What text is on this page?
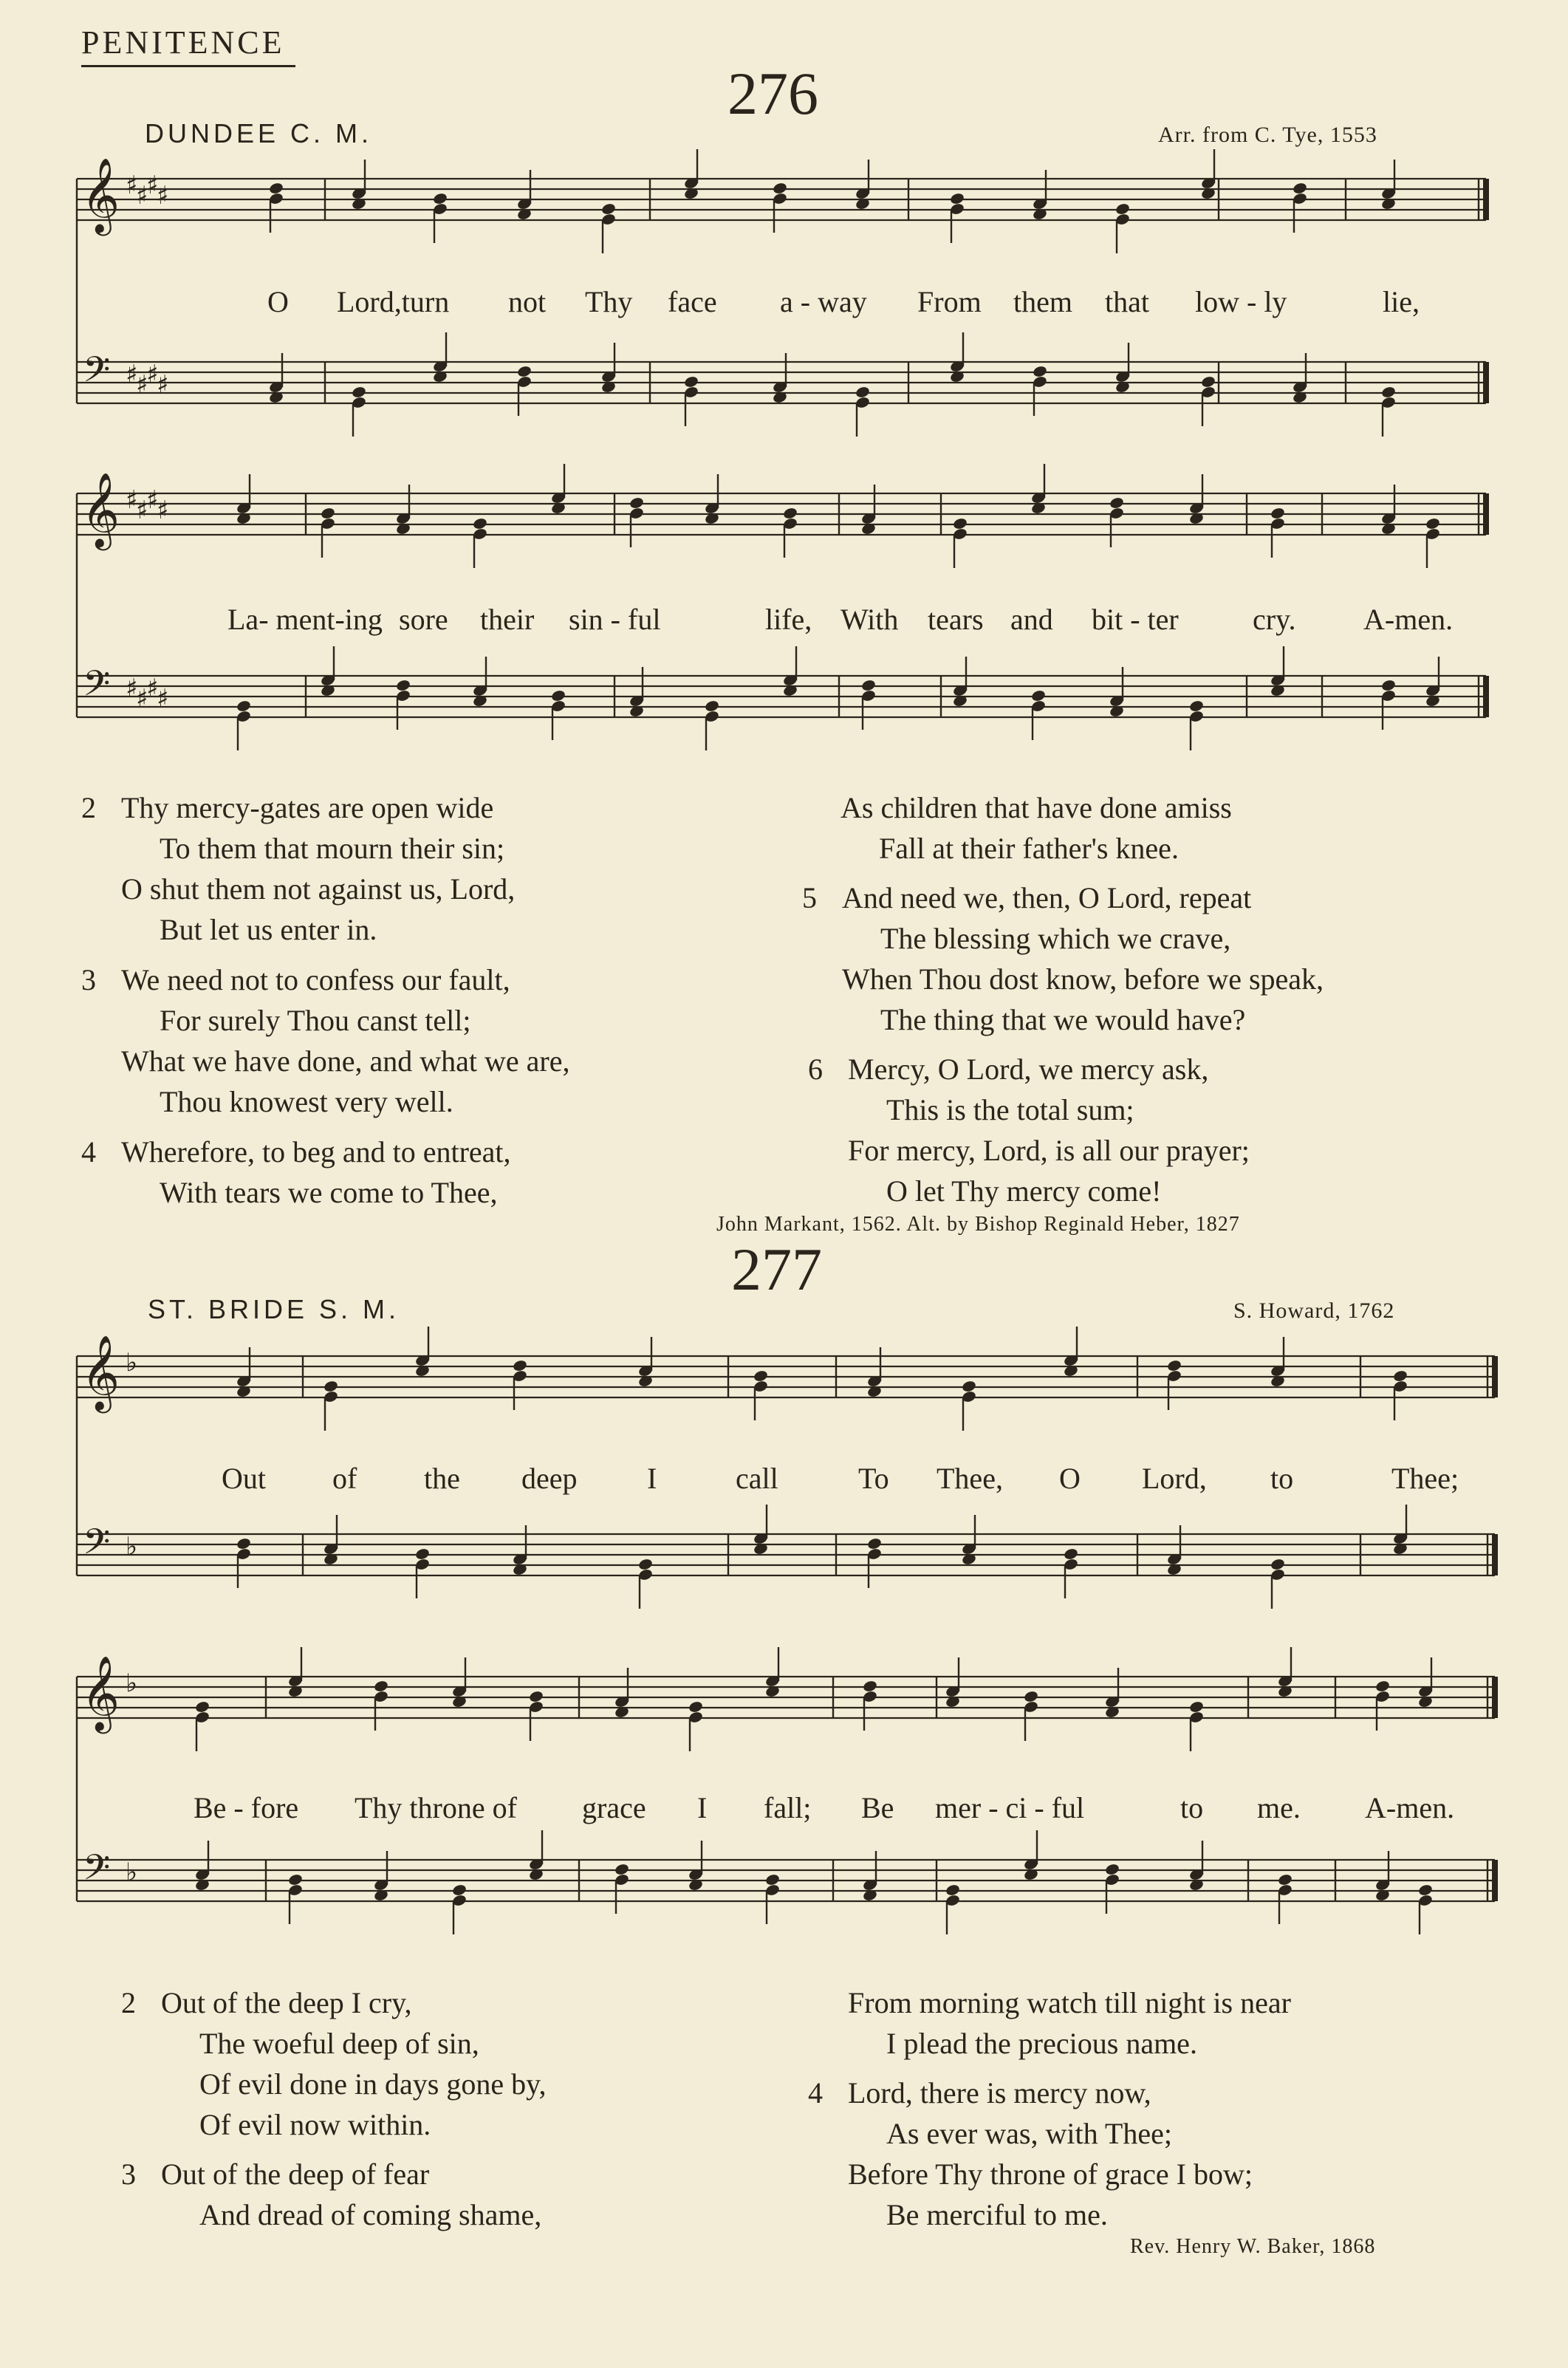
PENITENCE
276
DUNDEE C. M.	Arr. from C. Tye, 1553
𝄞
𝄢
♯
♯
♯
♯
♯
♯
♯
♯
𝄞
𝄢
♯
♯
♯
♯
♯
♯
♯
♯
𝄞
𝄢
♭
♭
𝄞
𝄢
♭
♭
O Lord,turn not Thy face a - way From them that low - ly	lie,
La- ment-ing sore their sin - ful	life, With tears and bit - ter	cry. A-men.
2 Thy mercy-gates are open wide
To them that mourn their sin;
O shut them not against us, Lord,
But let us enter in.
3 We need not to confess our fault,
For surely Thou canst tell;
What we have done, and what we are,
Thou knowest very well.
4 Wherefore, to beg and to entreat,
With tears we come to Thee,
As children that have done amiss
Fall at their father's knee.
5 And need we, then, O Lord, repeat
The blessing which we crave,
When Thou dost know, before we speak,
The thing that we would have?
6 Mercy, O Lord, we mercy ask,
This is the total sum;
For mercy, Lord, is all our prayer;
O let Thy mercy come!
John Markant, 1562. Alt. by Bishop Reginald Heber, 1827
277
ST. BRIDE S. M.	S. Howard, 1762
Out of the deep I	call	To Thee, O Lord, to	Thee;
Be - fore Thy throne of grace I fall; Be mer - ci - ful	to me. A-men.
2 Out of the deep I cry,
The woeful deep of sin,
Of evil done in days gone by,
Of evil now within.
3 Out of the deep of fear
And dread of coming shame,
From morning watch till night is near
I plead the precious name.
4 Lord, there is mercy now,
As ever was, with Thee;
Before Thy throne of grace I bow;
Be merciful to me.
Rev. Henry W. Baker, 1868
